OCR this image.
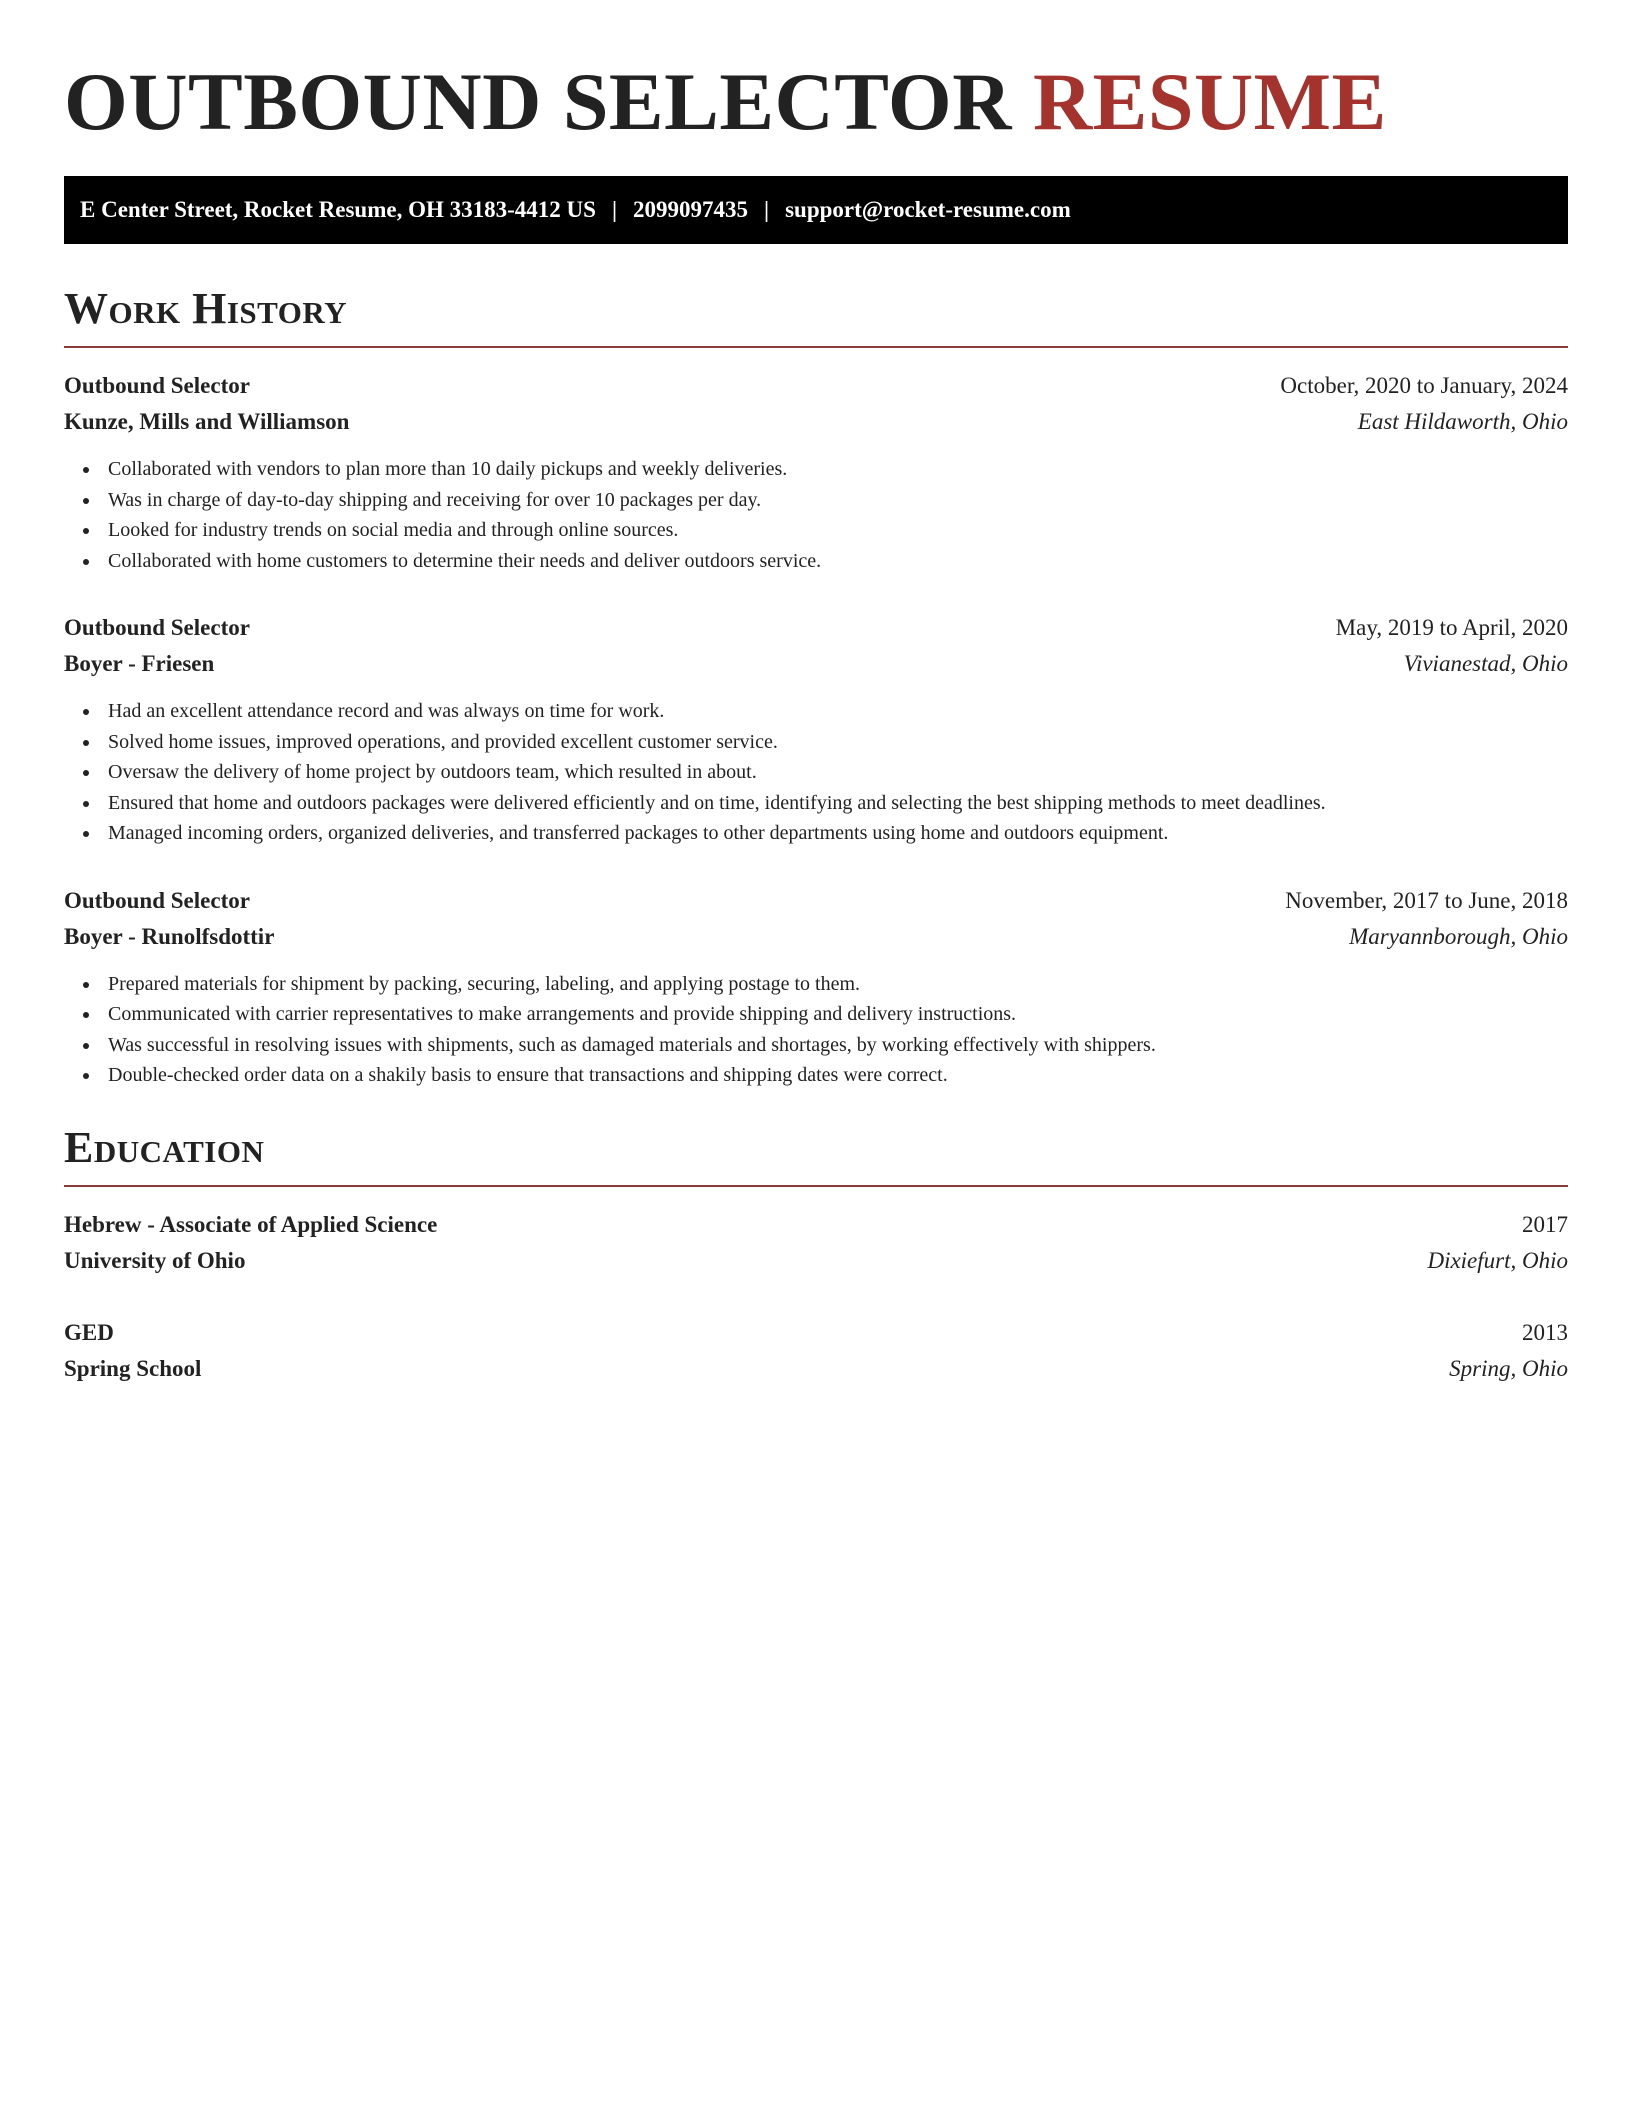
OUTBOUND SELECTOR RESUME
E Center Street, Rocket Resume, OH 33183-4412 US | 2099097435 | support@rocket-resume.com
Work History
Outbound Selector	October, 2020 to January, 2024
Kunze, Mills and Williamson	East Hildaworth, Ohio
Collaborated with vendors to plan more than 10 daily pickups and weekly deliveries.
Was in charge of day-to-day shipping and receiving for over 10 packages per day.
Looked for industry trends on social media and through online sources.
Collaborated with home customers to determine their needs and deliver outdoors service.
Outbound Selector	May, 2019 to April, 2020
Boyer - Friesen	Vivianestad, Ohio
Had an excellent attendance record and was always on time for work.
Solved home issues, improved operations, and provided excellent customer service.
Oversaw the delivery of home project by outdoors team, which resulted in about.
Ensured that home and outdoors packages were delivered efficiently and on time, identifying and selecting the best shipping methods to meet deadlines.
Managed incoming orders, organized deliveries, and transferred packages to other departments using home and outdoors equipment.
Outbound Selector	November, 2017 to June, 2018
Boyer - Runolfsdottir	Maryannborough, Ohio
Prepared materials for shipment by packing, securing, labeling, and applying postage to them.
Communicated with carrier representatives to make arrangements and provide shipping and delivery instructions.
Was successful in resolving issues with shipments, such as damaged materials and shortages, by working effectively with shippers.
Double-checked order data on a shakily basis to ensure that transactions and shipping dates were correct.
Education
Hebrew - Associate of Applied Science	2017
University of Ohio	Dixiefurt, Ohio
GED	2013
Spring School	Spring, Ohio
